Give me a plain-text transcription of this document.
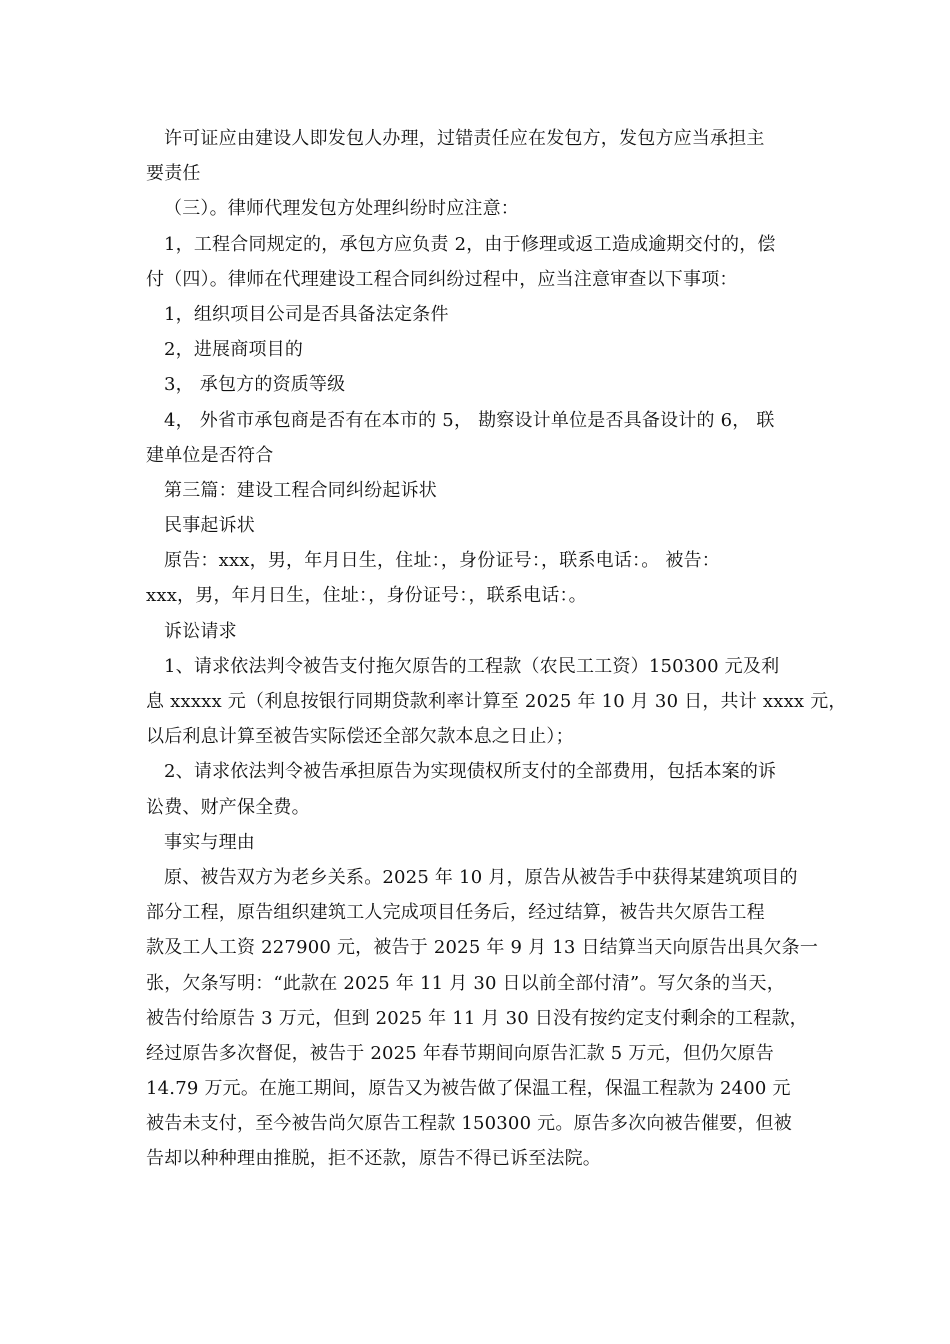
许可证应由建设人即发包人办理，过错责任应在发包方，发包方应当承担主
要责任
（三）。律师代理发包方处理纠纷时应注意：
1，工程合同规定的，承包方应负责 2，由于修理或返工造成逾期交付的，偿
付（四）。律师在代理建设工程合同纠纷过程中，应当注意审查以下事项：
1，组织项目公司是否具备法定条件
2，进展商项目的
3， 承包方的资质等级
4， 外省市承包商是否有在本市的 5， 勘察设计单位是否具备设计的 6， 联
建单位是否符合
第三篇：建设工程合同纠纷起诉状
民事起诉状
原告：xxx，男，年月日生，住址：，身份证号：，联系电话：。 被告：
xxx，男，年月日生，住址：，身份证号：，联系电话：。
诉讼请求
1、请求依法判令被告支付拖欠原告的工程款（农民工工资）150300 元及利
息 xxxxx 元（利息按银行同期贷款利率计算至 2025 年 10 月 30 日，共计 xxxx 元，
以后利息计算至被告实际偿还全部欠款本息之日止）；
2、请求依法判令被告承担原告为实现债权所支付的全部费用，包括本案的诉
讼费、财产保全费。
事实与理由
原、被告双方为老乡关系。2025 年 10 月，原告从被告手中获得某建筑项目的
部分工程，原告组织建筑工人完成项目任务后，经过结算，被告共欠原告工程
款及工人工资 227900 元，被告于 2025 年 9 月 13 日结算当天向原告出具欠条一
张，欠条写明：“此款在 2025 年 11 月 30 日以前全部付清”。写欠条的当天，
被告付给原告 3 万元，但到 2025 年 11 月 30 日没有按约定支付剩余的工程款，
经过原告多次督促，被告于 2025 年春节期间向原告汇款 5 万元，但仍欠原告
14.79 万元。在施工期间，原告又为被告做了保温工程，保温工程款为 2400 元
被告未支付，至今被告尚欠原告工程款 150300 元。原告多次向被告催要，但被
告却以种种理由推脱，拒不还款，原告不得已诉至法院。
